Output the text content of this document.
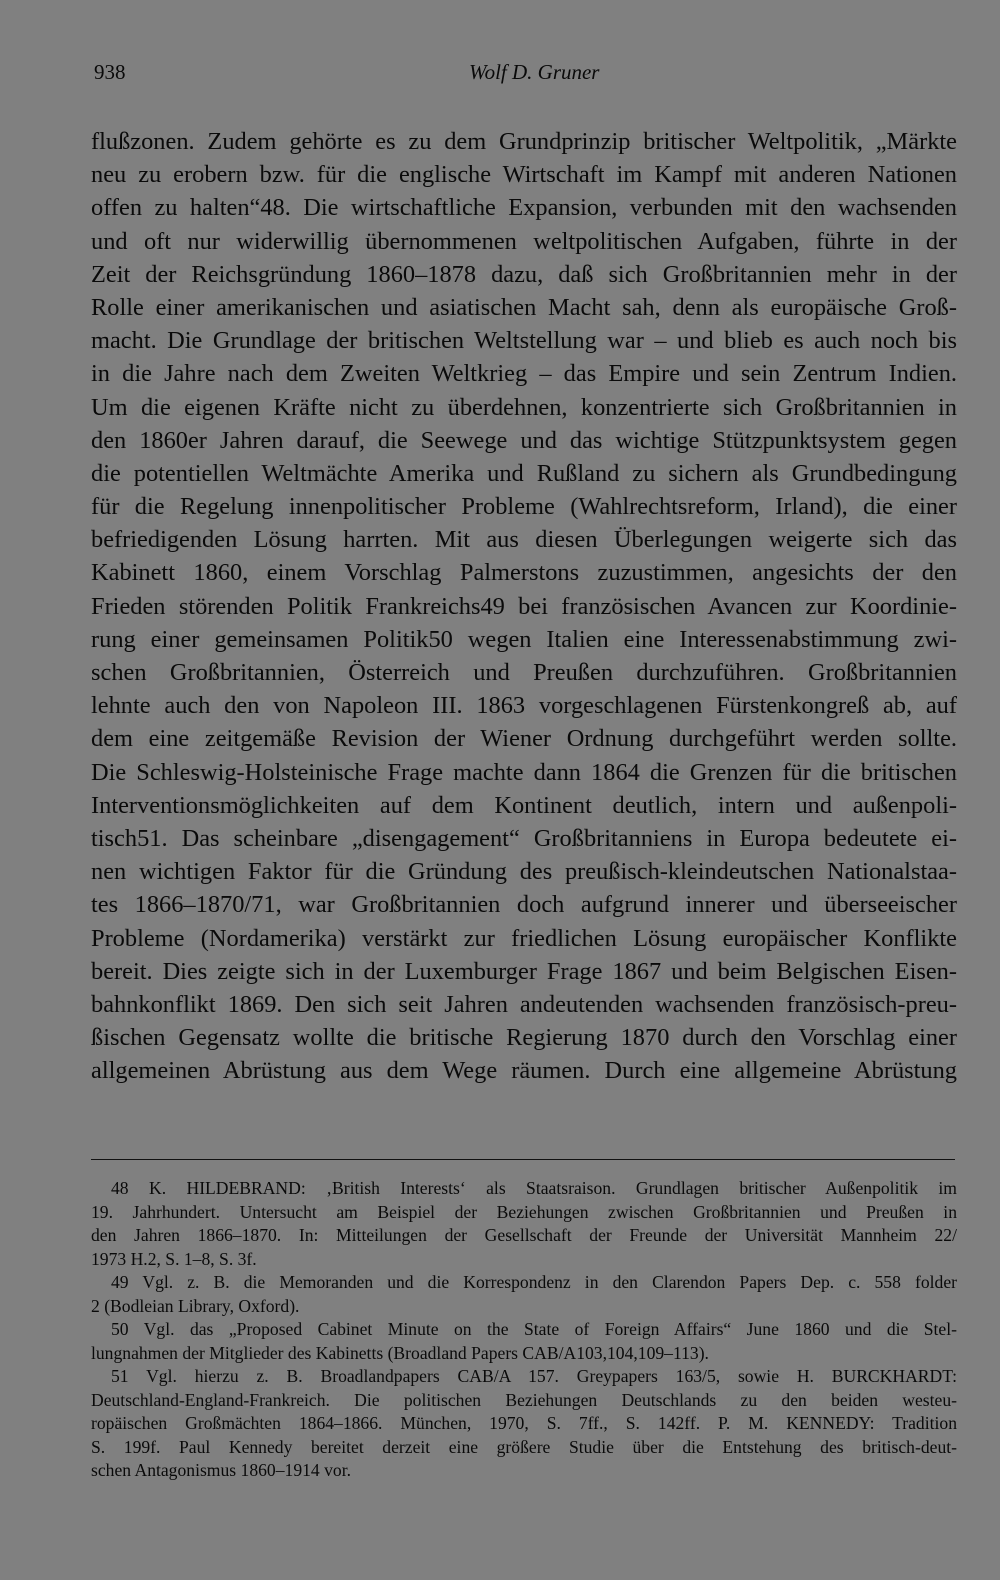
938	Wolf D. Gruner
flußzonen. Zudem gehörte es zu dem Grundprinzip britischer Weltpolitik, „Märkte
neu zu erobern bzw. für die englische Wirtschaft im Kampf mit anderen Nationen
offen zu halten“48. Die wirtschaftliche Expansion, verbunden mit den wachsenden
und oft nur widerwillig übernommenen weltpolitischen Aufgaben, führte in der
Zeit der Reichsgründung 1860–1878 dazu, daß sich Großbritannien mehr in der
Rolle einer amerikanischen und asiatischen Macht sah, denn als europäische Groß-
macht. Die Grundlage der britischen Weltstellung war – und blieb es auch noch bis
in die Jahre nach dem Zweiten Weltkrieg – das Empire und sein Zentrum Indien.
Um die eigenen Kräfte nicht zu überdehnen, konzentrierte sich Großbritannien in
den 1860er Jahren darauf, die Seewege und das wichtige Stützpunktsystem gegen
die potentiellen Weltmächte Amerika und Rußland zu sichern als Grundbedingung
für die Regelung innenpolitischer Probleme (Wahlrechtsreform, Irland), die einer
befriedigenden Lösung harrten. Mit aus diesen Überlegungen weigerte sich das
Kabinett 1860, einem Vorschlag Palmerstons zuzustimmen, angesichts der den
Frieden störenden Politik Frankreichs49 bei französischen Avancen zur Koordinie-
rung einer gemeinsamen Politik50 wegen Italien eine Interessenabstimmung zwi-
schen Großbritannien, Österreich und Preußen durchzuführen. Großbritannien
lehnte auch den von Napoleon III. 1863 vorgeschlagenen Fürstenkongreß ab, auf
dem eine zeitgemäße Revision der Wiener Ordnung durchgeführt werden sollte.
Die Schleswig-Holsteinische Frage machte dann 1864 die Grenzen für die britischen
Interventionsmöglichkeiten auf dem Kontinent deutlich, intern und außenpoli-
tisch51. Das scheinbare „disengagement“ Großbritanniens in Europa bedeutete ei-
nen wichtigen Faktor für die Gründung des preußisch-kleindeutschen Nationalstaa-
tes 1866–1870/71, war Großbritannien doch aufgrund innerer und überseeischer
Probleme (Nordamerika) verstärkt zur friedlichen Lösung europäischer Konflikte
bereit. Dies zeigte sich in der Luxemburger Frage 1867 und beim Belgischen Eisen-
bahnkonflikt 1869. Den sich seit Jahren andeutenden wachsenden französisch-preu-
ßischen Gegensatz wollte die britische Regierung 1870 durch den Vorschlag einer
allgemeinen Abrüstung aus dem Wege räumen. Durch eine allgemeine Abrüstung
48 K. HILDEBRAND: ‚British Interests‘ als Staatsraison. Grundlagen britischer Außenpolitik im
19. Jahrhundert. Untersucht am Beispiel der Beziehungen zwischen Großbritannien und Preußen in
den Jahren 1866–1870. In: Mitteilungen der Gesellschaft der Freunde der Universität Mannheim 22/
1973 H.2, S. 1–8, S. 3f.
49 Vgl. z. B. die Memoranden und die Korrespondenz in den Clarendon Papers Dep. c. 558 folder
2 (Bodleian Library, Oxford).
50 Vgl. das „Proposed Cabinet Minute on the State of Foreign Affairs“ June 1860 und die Stel-
lungnahmen der Mitglieder des Kabinetts (Broadland Papers CAB/A103,104,109–113).
51 Vgl. hierzu z. B. Broadlandpapers CAB/A 157. Greypapers 163/5, sowie H. BURCKHARDT:
Deutschland-England-Frankreich. Die politischen Beziehungen Deutschlands zu den beiden westeu-
ropäischen Großmächten 1864–1866. München, 1970, S. 7ff., S. 142ff. P. M. KENNEDY: Tradition
S. 199f. Paul Kennedy bereitet derzeit eine größere Studie über die Entstehung des britisch-deut-
schen Antagonismus 1860–1914 vor.
